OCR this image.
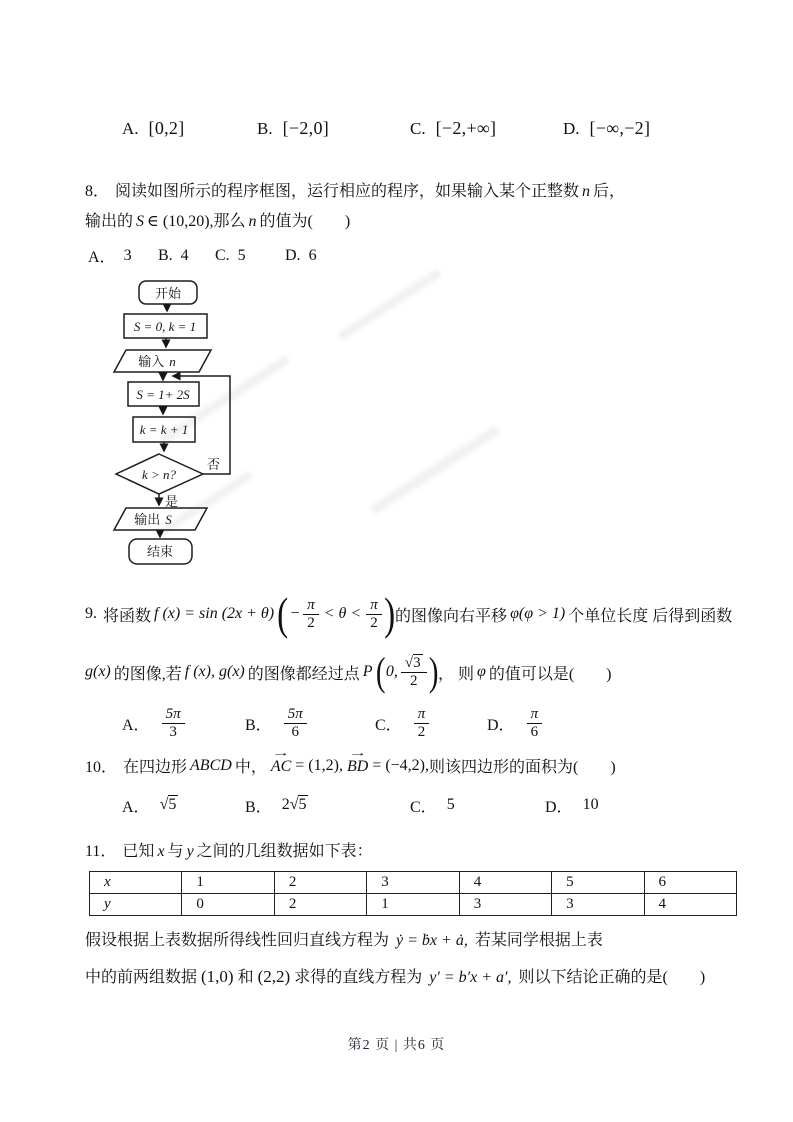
A. [0,2]	B. [−2,0]	C. [−2,+∞]	D. [−∞,−2]
8． 阅读如图所示的程序框图，运行相应的程序，如果输入某个正整数 n 后，
输出的 S ∈ (10,20),那么 n 的值为(        )
A． 3 B. 4 C. 5 D. 6
开始
S = 0, k = 1
输入 n
S = 1+ 2S
k = k + 1
k > n?
否
是
输出 S
结束
9. 将函数 f (x) = sin (2x + θ) ( − $\frac{\pi}{2} < \theta < \frac{\pi}{2}$ ) 的图像向右平移 φ(φ > 1) 个单位长度 后得到函数
g(x) 的图像,若 f (x), g(x) 的图像都经过点 P ( 0, $\frac{√3}{2}$ ) ， 则 φ 的值可以是(        )
A． $\frac{5\pi}{3}$	B． $\frac{5\pi}{6}$	C． $\frac{\pi}{2}$	D． $\frac{\pi}{6}$
10． 在四边形 ABCD 中，
→
AC = (1,2),
→
BD = (−4,2), 则该四边形的面积为(        )
A． √5	B． 2√5	C． 5	D． 10
11． 已知 x 与 y 之间的几组数据如下表：
x	1	2	3	4	5	6
y	0	2	1	3	3	4
假设根据上表数据所得线性回归直线方程为 ẏ = ḃx + ȧ, 若某同学根据上表
中的前两组数据 (1,0) 和 (2,2) 求得的直线方程为 y′ = b′x + a′, 则以下结论正确的是(        )
第2 页 | 共6 页
